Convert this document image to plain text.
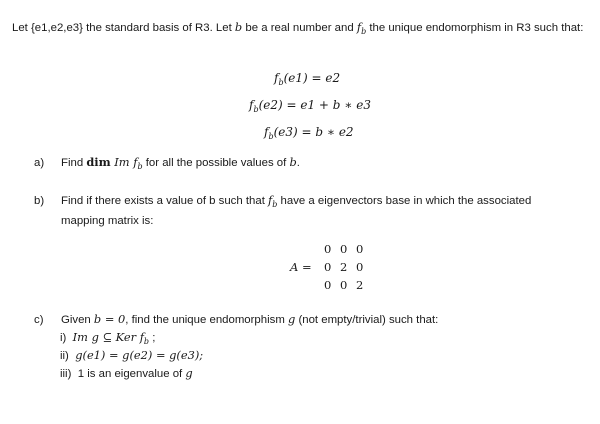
Let {e1,e2,e3} the standard basis of R3. Let b be a real number and $f_b$ the unique endomorphism in R3 such that:
$f_b(e1) = e2$
$f_b(e2) = e1 + b$ ∗ e3
$f_b(e3) = b$ ∗ e2
a) Find dim Im $f_b$ for all the possible values of b.
b) Find if there exists a value of b such that $f_b$ have a eigenvectors base in which the associated
mapping matrix is:
A =
0 0 0
0 2 0
0 0 2
c) Given b = 0, find the unique endomorphism g (not empty/trivial) such that:
i) Im g ⊆ Ker $f_b$ ;
ii) g(e1) = g(e2) = g(e3);
iii) 1 is an eigenvalue of g
